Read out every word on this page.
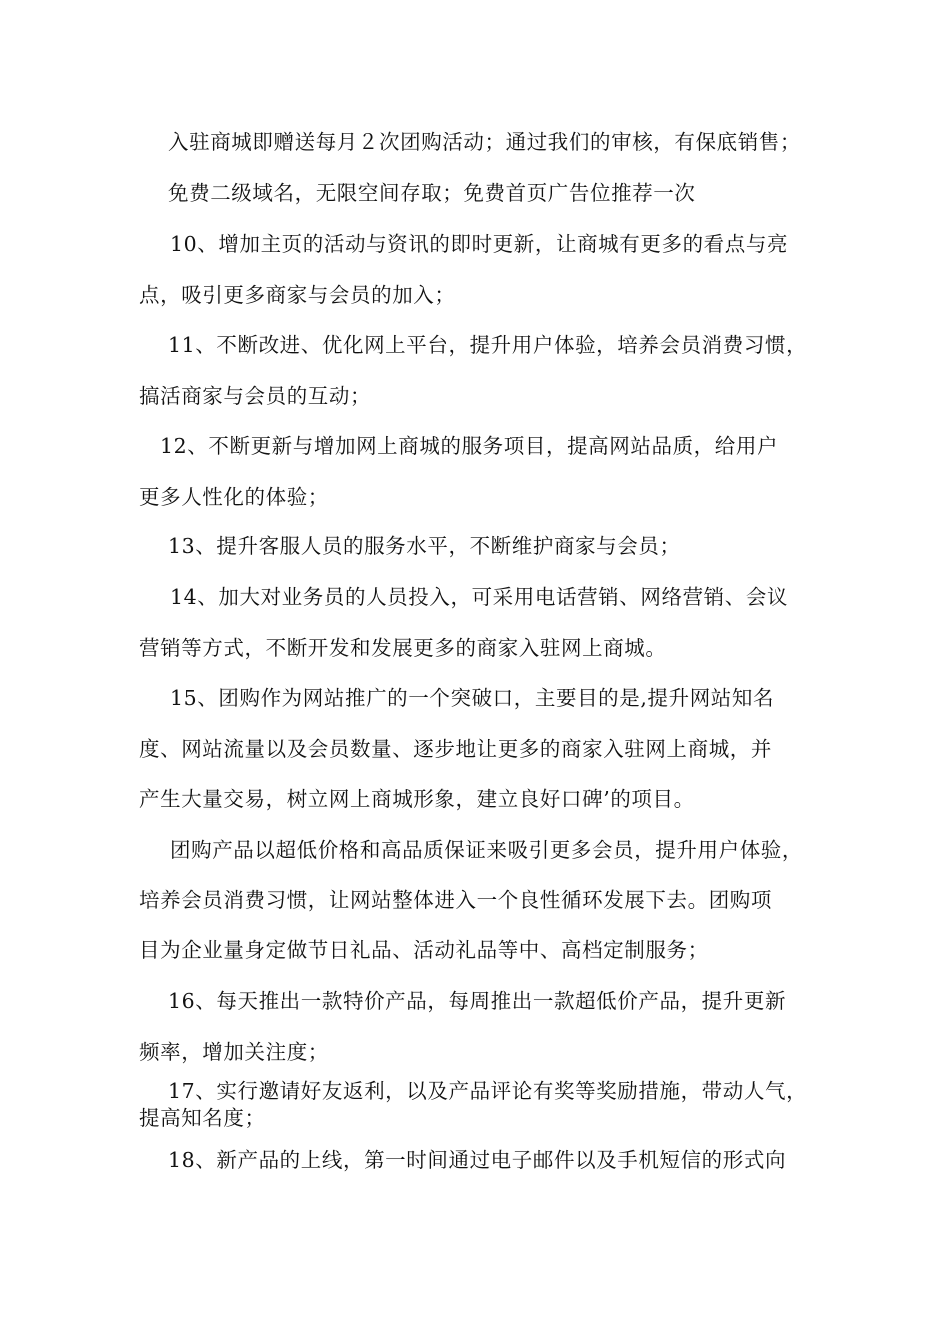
入驻商城即赠送每月２次团购活动；通过我们的审核，有保底销售；

免费二级域名，无限空间存取；免费首页广告位推荐一次

10、增加主页的活动与资讯的即时更新，让商城有更多的看点与亮

点，吸引更多商家与会员的加入；

11、不断改进、优化网上平台，提升用户体验，培养会员消费习惯，

搞活商家与会员的互动；

12、不断更新与增加网上商城的服务项目，提高网站品质，给用户

更多人性化的体验；

13、提升客服人员的服务水平，不断维护商家与会员；

14、加大对业务员的人员投入，可采用电话营销、网络营销、会议

营销等方式，不断开发和发展更多的商家入驻网上商城。

15、团购作为网站推广的一个突破口，主要目的是,提升网站知名

度、网站流量以及会员数量、逐步地让更多的商家入驻网上商城，并

产生大量交易，树立网上商城形象，建立良好口碑’的项目。

团购产品以超低价格和高品质保证来吸引更多会员，提升用户体验，

培养会员消费习惯，让网站整体进入一个良性循环发展下去。团购项

目为企业量身定做节日礼品、活动礼品等中、高档定制服务；

16、每天推出一款特价产品，每周推出一款超低价产品，提升更新

频率，增加关注度；

17、实行邀请好友返利，以及产品评论有奖等奖励措施，带动人气，

提高知名度；

18、新产品的上线，第一时间通过电子邮件以及手机短信的形式向
